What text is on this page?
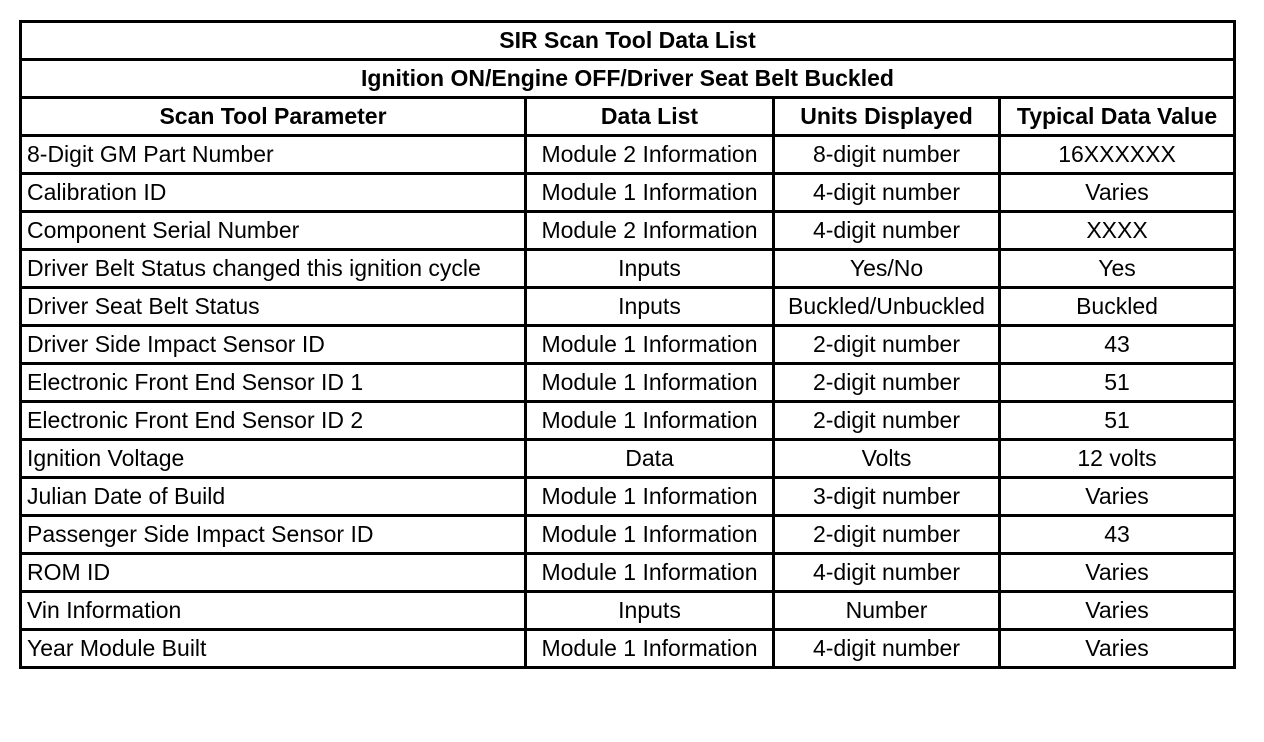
SIR Scan Tool Data List			
Ignition ON/Engine OFF/Driver Seat Belt Buckled			
Scan Tool Parameter	Data List	Units Displayed	Typical Data Value
8-Digit GM Part Number	Module 2 Information	8-digit number	16XXXXXX
Calibration ID	Module 1 Information	4-digit number	Varies
Component Serial Number	Module 2 Information	4-digit number	XXXX
Driver Belt Status changed this ignition cycle	Inputs	Yes/No	Yes
Driver Seat Belt Status	Inputs	Buckled/Unbuckled	Buckled
Driver Side Impact Sensor ID	Module 1 Information	2-digit number	43
Electronic Front End Sensor ID 1	Module 1 Information	2-digit number	51
Electronic Front End Sensor ID 2	Module 1 Information	2-digit number	51
Ignition Voltage	Data	Volts	12 volts
Julian Date of Build	Module 1 Information	3-digit number	Varies
Passenger Side Impact Sensor ID	Module 1 Information	2-digit number	43
ROM ID	Module 1 Information	4-digit number	Varies
Vin Information	Inputs	Number	Varies
Year Module Built	Module 1 Information	4-digit number	Varies
